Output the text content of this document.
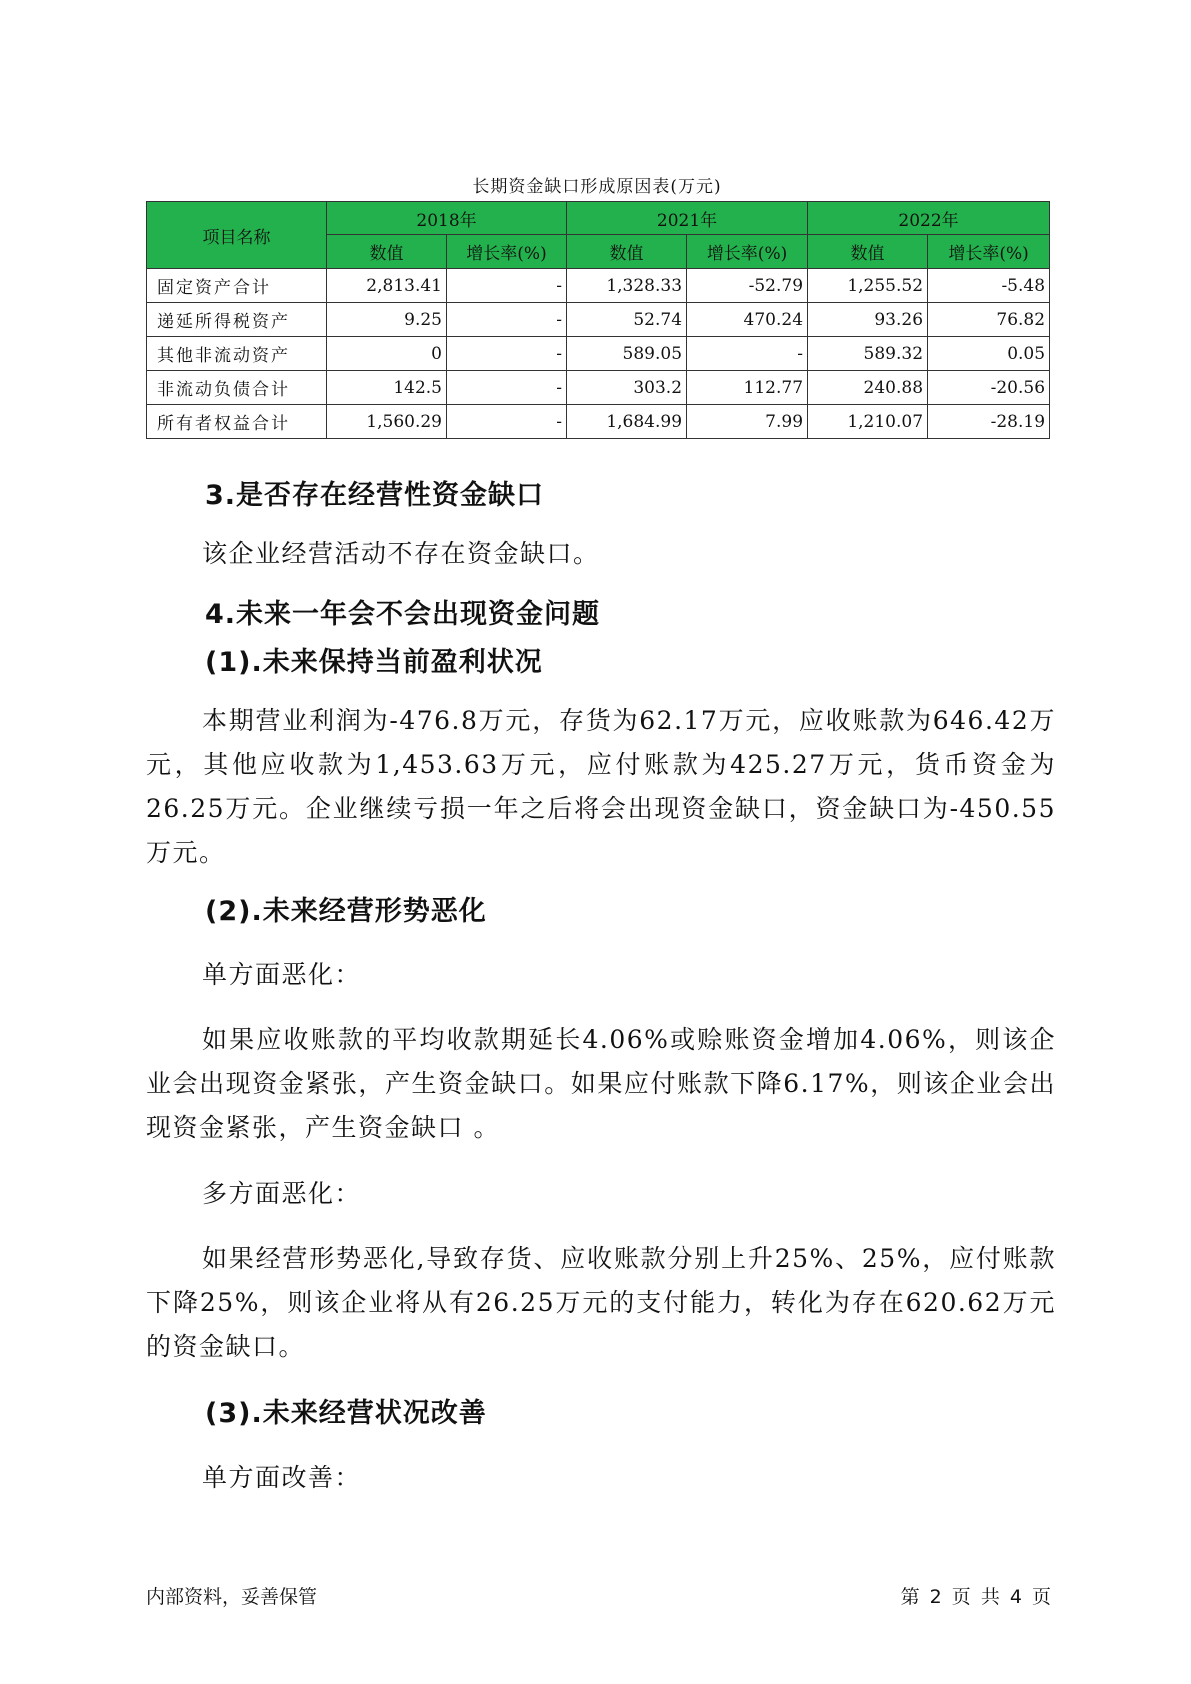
长期资金缺口形成原因表(万元)
项目名称	2018年		2021年		2022年	
	数值	增长率(%)	数值	增长率(%)	数值	增长率(%)
固定资产合计	2,813.41	-	1,328.33	-52.79	1,255.52	-5.48
递延所得税资产	9.25	-	52.74	470.24	93.26	76.82
其他非流动资产	0	-	589.05	-	589.32	0.05
非流动负债合计	142.5	-	303.2	112.77	240.88	-20.56
所有者权益合计	1,560.29	-	1,684.99	7.99	1,210.07	-28.19
3.是否存在经营性资金缺口

该企业经营活动不存在资金缺口。

4.未来一年会不会出现资金问题
(1).未来保持当前盈利状况

本期营业利润为-476.8万元，存货为62.17万元，应收账款为646.42万元，其他应收款为1,453.63万元，应付账款为425.27万元，货币资金为26.25万元。企业继续亏损一年之后将会出现资金缺口，资金缺口为-450.55万元。

(2).未来经营形势恶化

单方面恶化：

如果应收账款的平均收款期延长4.06%或赊账资金增加4.06%，则该企业会出现资金紧张，产生资金缺口。如果应付账款下降6.17%，则该企业会出现资金紧张，产生资金缺口 。

多方面恶化：

如果经营形势恶化,导致存货、应收账款分别上升25%、25%，应付账款下降25%，则该企业将从有26.25万元的支付能力，转化为存在620.62万元的资金缺口。

(3).未来经营状况改善

单方面改善：

内部资料，妥善保管	第 2 页 共 4 页
